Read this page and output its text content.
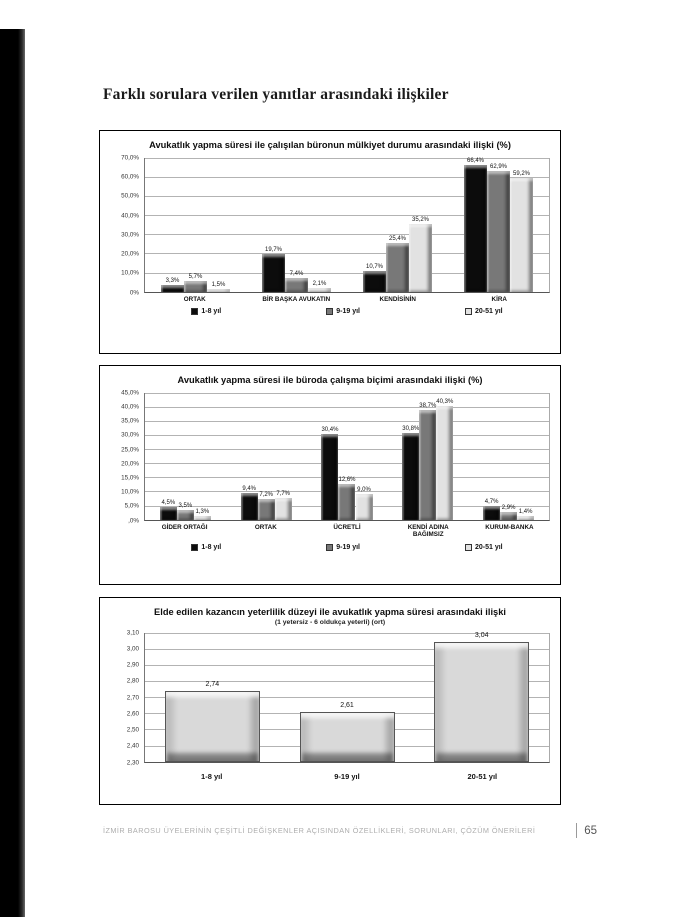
Farklı sorulara verilen yanıtlar arasındaki ilişkiler
Avukatlık yapma süresi ile çalışılan büronun mülkiyet durumu arasındaki ilişki (%)
70,0%
60,0%
50,0%
40,0%
30,0%
20,0%
10,0%
0%
3,3%
5,7%
1,5%
19,7%
7,4%
2,1%
10,7%
25,4%
35,2%
66,4%
62,9%
59,2%
ORTAK	BİR BAŞKA AVUKATIN	KENDİSİNİN	KİRA
1-8 yıl	9-19 yıl	20-51 yıl
Avukatlık yapma süresi ile büroda çalışma biçimi arasındaki ilişki (%)
45,0%
40,0%
35,0%
30,0%
25,0%
20,0%
15,0%
10,0%
5,0%
,0%
4,5% 3,5%
1,3%
9,4%
7,2% 7,7%
30,4%
12,6%
9,0%
30,8%
38,7%
40,3%
4,7%
2,9%
1,4%
GİDER ORTAĞI	ORTAK	ÜCRETLİ	KENDİ ADINA BAĞIMSIZ
KURUM-BANKA
1-8 yıl	9-19 yıl	20-51 yıl
Elde edilen kazancın yeterlilik düzeyi ile avukatlık yapma süresi arasındaki ilişki
(1 yetersiz - 6 oldukça yeterli) (ort)
3,10
3,00
2,90
2,80
2,70
2,60
2,50
2,40
2,30
2,74
2,61
3,04
1-8 yıl	9-19 yıl	20-51 yıl
İZMİR BAROSU ÜYELERİNİN ÇEŞİTLİ DEĞİŞKENLER AÇISINDAN ÖZELLİKLERİ, SORUNLARI, ÇÖZÜM ÖNERİLERİ	65
